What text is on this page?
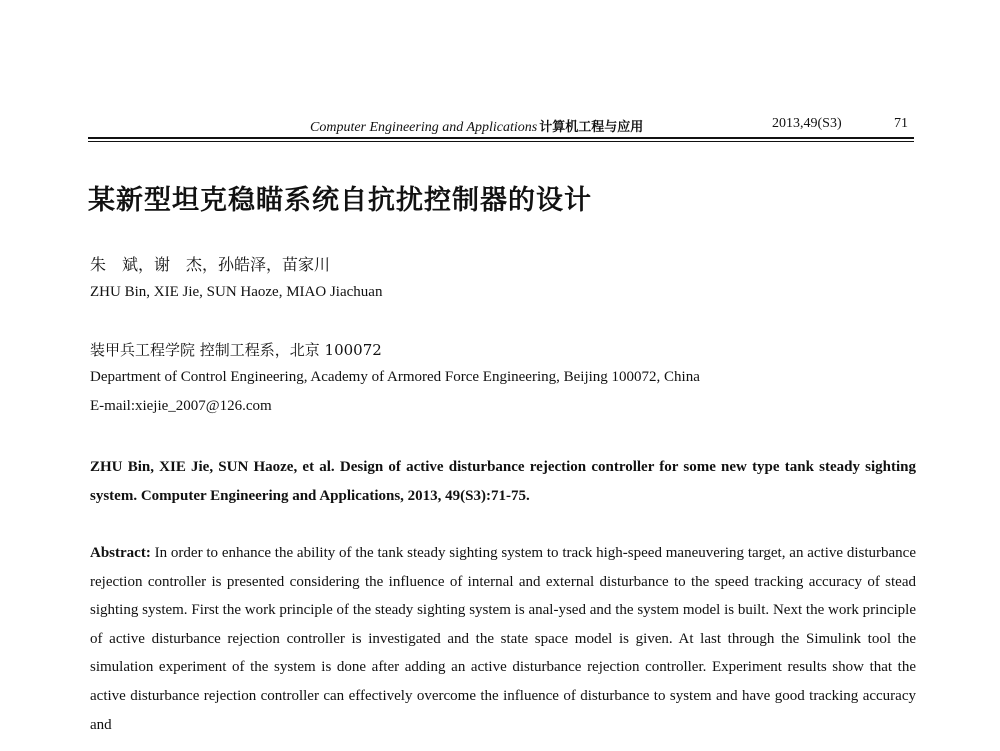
Computer Engineering and Applications 计算机工程与应用	2013,49(S3)	71
某新型坦克稳瞄系统自抗扰控制器的设计
朱　斌，谢　杰，孙皓泽，苗家川
ZHU Bin, XIE Jie, SUN Haoze, MIAO Jiachuan
装甲兵工程学院 控制工程系，北京 100072
Department of Control Engineering, Academy of Armored Force Engineering, Beijing 100072, China
E-mail:xiejie_2007@126.com
ZHU Bin, XIE Jie, SUN Haoze, et al. Design of active disturbance rejection controller for some new type tank steady sighting system. Computer Engineering and Applications, 2013, 49(S3):71-75.
Abstract: In order to enhance the ability of the tank steady sighting system to track high-speed maneuvering target, an active disturbance rejection controller is presented considering the influence of internal and external disturbance to the speed tracking accuracy of stead sighting system. First the work principle of the steady sighting system is anal-ysed and the system model is built. Next the work principle of active disturbance rejection controller is investigated and the state space model is given. At last through the Simulink tool the simulation experiment of the system is done after adding an active disturbance rejection controller. Experiment results show that the active disturbance rejection controller can effectively overcome the influence of disturbance to system and have good tracking accuracy and
